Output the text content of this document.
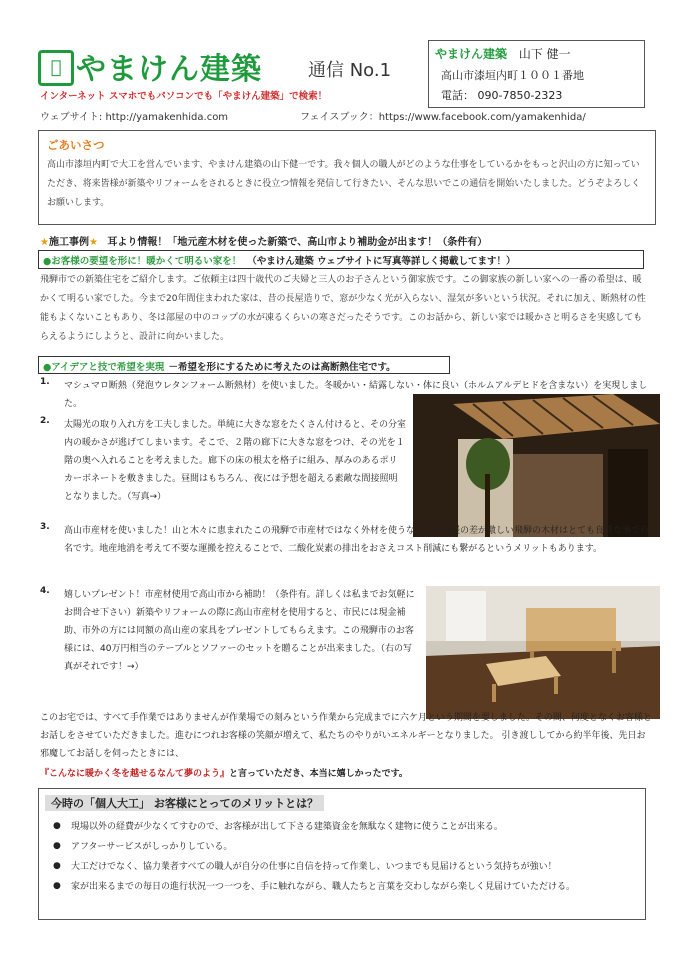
𬩻 やまけん建築	通信 No.1
やまけん建築 山下 健一
高山市漆垣内町１００１番地
電話： 090-7850-2323
インターネット スマホでもパソコンでも「やまけん建築」で検索！
ウェブサイト: http://yamakenhida.com	フェイスブック：https://www.facebook.com/yamakenhida/
ごあいさつ
高山市漆垣内町で大工を営んでいます、やまけん建築の山下健一です。我々個人の職人がどのような仕事をしているかをもっと沢山の方に知っていただき、将来皆様が新築やリフォームをされるときに役立つ情報を発信して行きたい、そんな思いでこの通信を開始いたしました。どうぞよろしくお願いします。
★施工事例★ 耳より情報！「地元産木材を使った新築で、高山市より補助金が出ます！（条件有）
●お客様の要望を形に！暖かくて明るい家を！ （やまけん建築 ウェブサイトに写真等詳しく掲載してます！）
飛騨市での新築住宅をご紹介します。ご依頼主は四十歳代のご夫婦と三人のお子さんという御家族です。この御家族の新しい家への一番の希望は、暖かくて明るい家でした。今まで20年間住まわれた家は、昔の長屋造りで、窓が少なく光が入らない、湿気が多いという状況。それに加え、断熱材の性能もよくないこともあり、冬は部屋の中のコップの水が凍るくらいの寒さだったそうです。このお話から、新しい家では暖かさと明るさを実感してもらえるようにしようと、設計に向かいました。
●アイデアと技で希望を実現 －希望を形にするために考えたのは高断熱住宅です。
1. マシュマロ断熱（発泡ウレタンフォーム断熱材）を使いました。冬暖かい・結露しない・体に良い（ホルムアルデヒドを含まない）を実現しました。
2. 太陽光の取り入れ方を工夫しました。単純に大きな窓をたくさん付けると、その分室内の暖かさが逃げてしまいます。そこで、２階の廊下に大きな窓をつけ、その光を１階の奥へ入れることを考えました。廊下の床の根太を格子に組み、厚みのあるポリカーボネートを敷きました。昼間はもちろん、夜には予想を超える素敵な間接照明となりました。（写真→）
3. 高山市産材を使いました！山と木々に恵まれたこの飛騨で市産材ではなく外材を使うなんて！寒暖の差が激しい飛騨の木材はとても良質な事で有名です。地産地消を考えて不要な運搬を控えることで、二酸化炭素の排出をおさえコスト削減にも繋がるというメリットもあります。
4. 嬉しいプレゼント！市産材使用で高山市から補助！（条件有。詳しくは私までお気軽にお問合せ下さい）新築やリフォームの際に高山市産材を使用すると、市民には現金補助、市外の方には同額の高山産の家具をプレゼントしてもらえます。この飛騨市のお客様には、40万円相当のテーブルとソファーのセットを贈ることが出来ました。（右の写真がそれです！→）
このお宅では、すべて手作業ではありませんが作業場での刻みという作業から完成までに六ケ月という期間を要しました。その間、何度となくお客様とお話しをさせていただきました。進むにつれお客様の笑顔が増えて、私たちのやりがいエネルギーとなりました。 引き渡ししてから約半年後、先日お邪魔してお話しを伺ったときには、
『こんなに暖かく冬を越せるなんて夢のよう』と言っていただき、本当に嬉しかったです。
今時の「個人大工」 お客様にとってのメリットとは？
● 現場以外の経費が少なくてすむので、お客様が出して下さる建築資金を無駄なく建物に使うことが出来る。
● アフターサービスがしっかりしている。
● 大工だけでなく、協力業者すべての職人が自分の仕事に自信を持って作業し、いつまでも見届けるという気持ちが強い！
● 家が出来るまでの毎日の進行状況一つ一つを、手に触れながら、職人たちと言葉を交わしながら楽しく見届けていただける。
